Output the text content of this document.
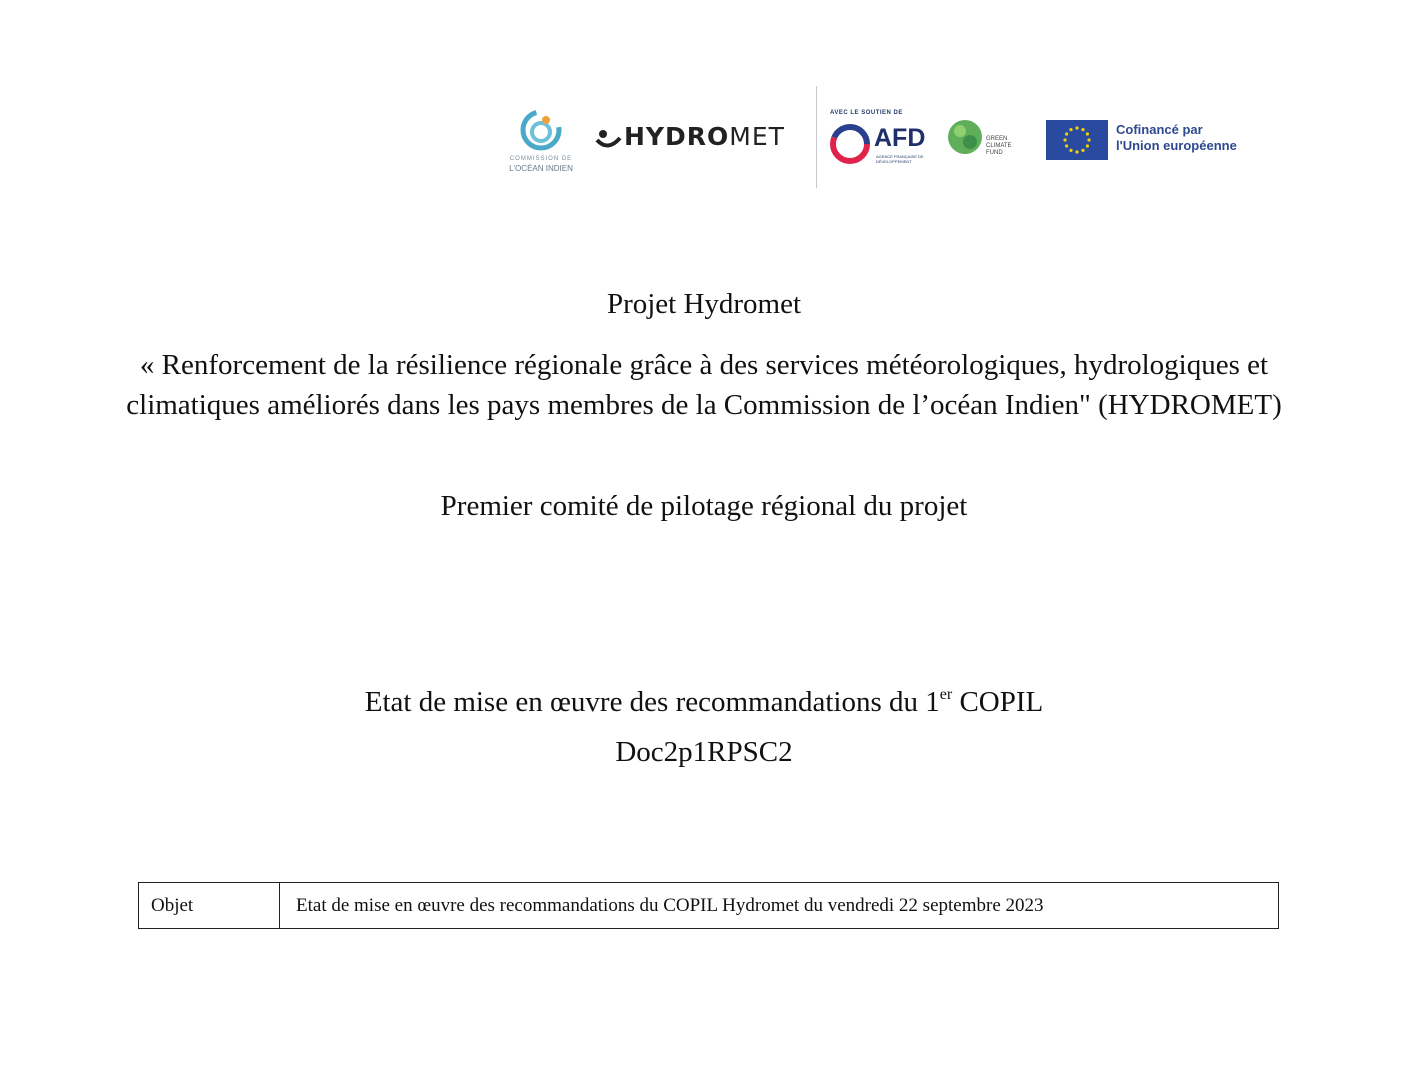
COMMISSION DE
L'OCÉAN INDIEN
HYDROMET
AVEC LE SOUTIEN DE
AFD
AGENCE FRANÇAISE DE DÉVELOPPEMENT
GREEN
CLIMATE
FUND
Cofinancé par
l'Union européenne
Projet Hydromet
« Renforcement de la résilience régionale grâce à des services météorologiques, hydrologiques et climatiques améliorés dans les pays membres de la Commission de l’océan Indien" (HYDROMET)
Premier comité de pilotage régional du projet
Etat de mise en œuvre des recommandations du 1er COPIL
Doc2p1RPSC2
Objet	Etat de mise en œuvre des recommandations du COPIL Hydromet du vendredi 22 septembre 2023
